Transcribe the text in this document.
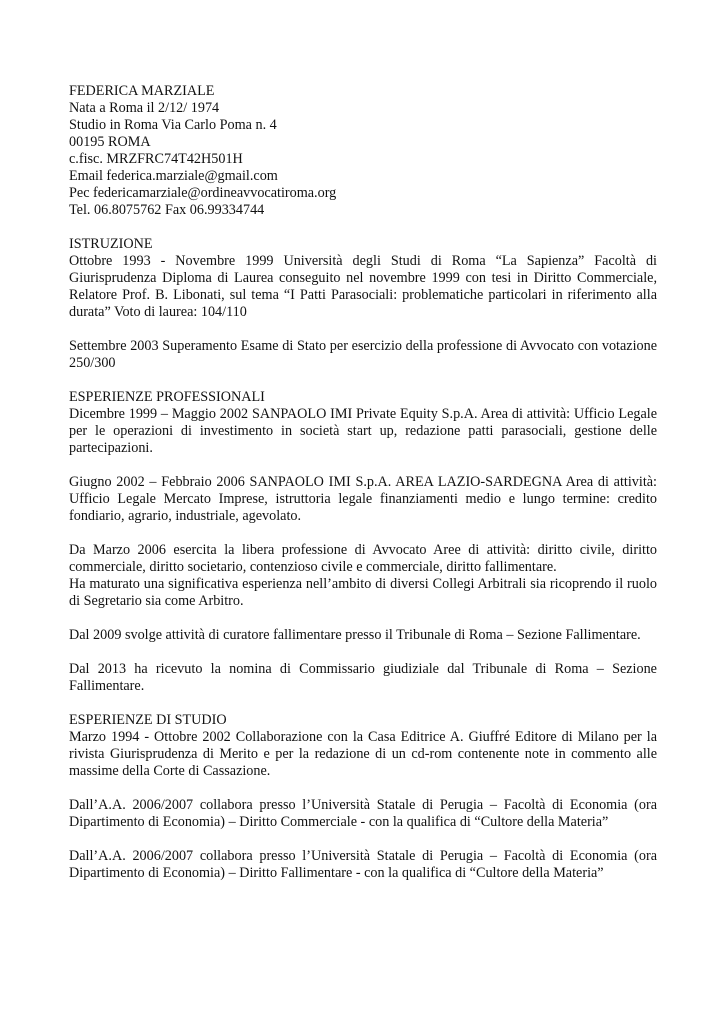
FEDERICA MARZIALE
Nata a Roma il 2/12/ 1974
Studio in Roma Via Carlo Poma n. 4
00195 ROMA
c.fisc. MRZFRC74T42H501H
Email federica.marziale@gmail.com
Pec federicamarziale@ordineavvocatiroma.org
Tel. 06.8075762 Fax 06.99334744
ISTRUZIONE
Ottobre 1993 - Novembre 1999 Università degli Studi di Roma “La Sapienza” Facoltà di Giurisprudenza Diploma di Laurea conseguito nel novembre 1999 con tesi in Diritto Commerciale, Relatore Prof. B. Libonati, sul tema “I Patti Parasociali: problematiche particolari in riferimento alla durata” Voto di laurea: 104/110
Settembre 2003 Superamento Esame di Stato per esercizio della professione di Avvocato con votazione 250/300
ESPERIENZE PROFESSIONALI
Dicembre 1999 – Maggio 2002 SANPAOLO IMI Private Equity S.p.A. Area di attività: Ufficio Legale per le operazioni di investimento in società start up, redazione patti parasociali, gestione delle partecipazioni.
Giugno 2002 – Febbraio 2006 SANPAOLO IMI S.p.A. AREA LAZIO-SARDEGNA Area di attività: Ufficio Legale Mercato Imprese, istruttoria legale finanziamenti medio e lungo termine: credito fondiario, agrario, industriale, agevolato.
Da Marzo 2006 esercita la libera professione di Avvocato Aree di attività: diritto civile, diritto commerciale, diritto societario, contenzioso civile e commerciale, diritto fallimentare.
Ha maturato una significativa esperienza nell’ambito di diversi Collegi Arbitrali sia ricoprendo il ruolo di Segretario sia come Arbitro.
Dal 2009 svolge attività di curatore fallimentare presso il Tribunale di Roma – Sezione Fallimentare.
Dal 2013 ha ricevuto la nomina di Commissario giudiziale dal Tribunale di Roma – Sezione Fallimentare.
ESPERIENZE DI STUDIO
Marzo 1994 - Ottobre 2002 Collaborazione con la Casa Editrice A. Giuffré Editore di Milano per la rivista Giurisprudenza di Merito e per la redazione di un cd-rom contenente note in commento alle massime della Corte di Cassazione.
Dall’A.A. 2006/2007 collabora presso l’Università Statale di Perugia – Facoltà di Economia (ora Dipartimento di Economia) – Diritto Commerciale - con la qualifica di “Cultore della Materia”
Dall’A.A. 2006/2007 collabora presso l’Università Statale di Perugia – Facoltà di Economia (ora Dipartimento di Economia) – Diritto Fallimentare - con la qualifica di “Cultore della Materia”
